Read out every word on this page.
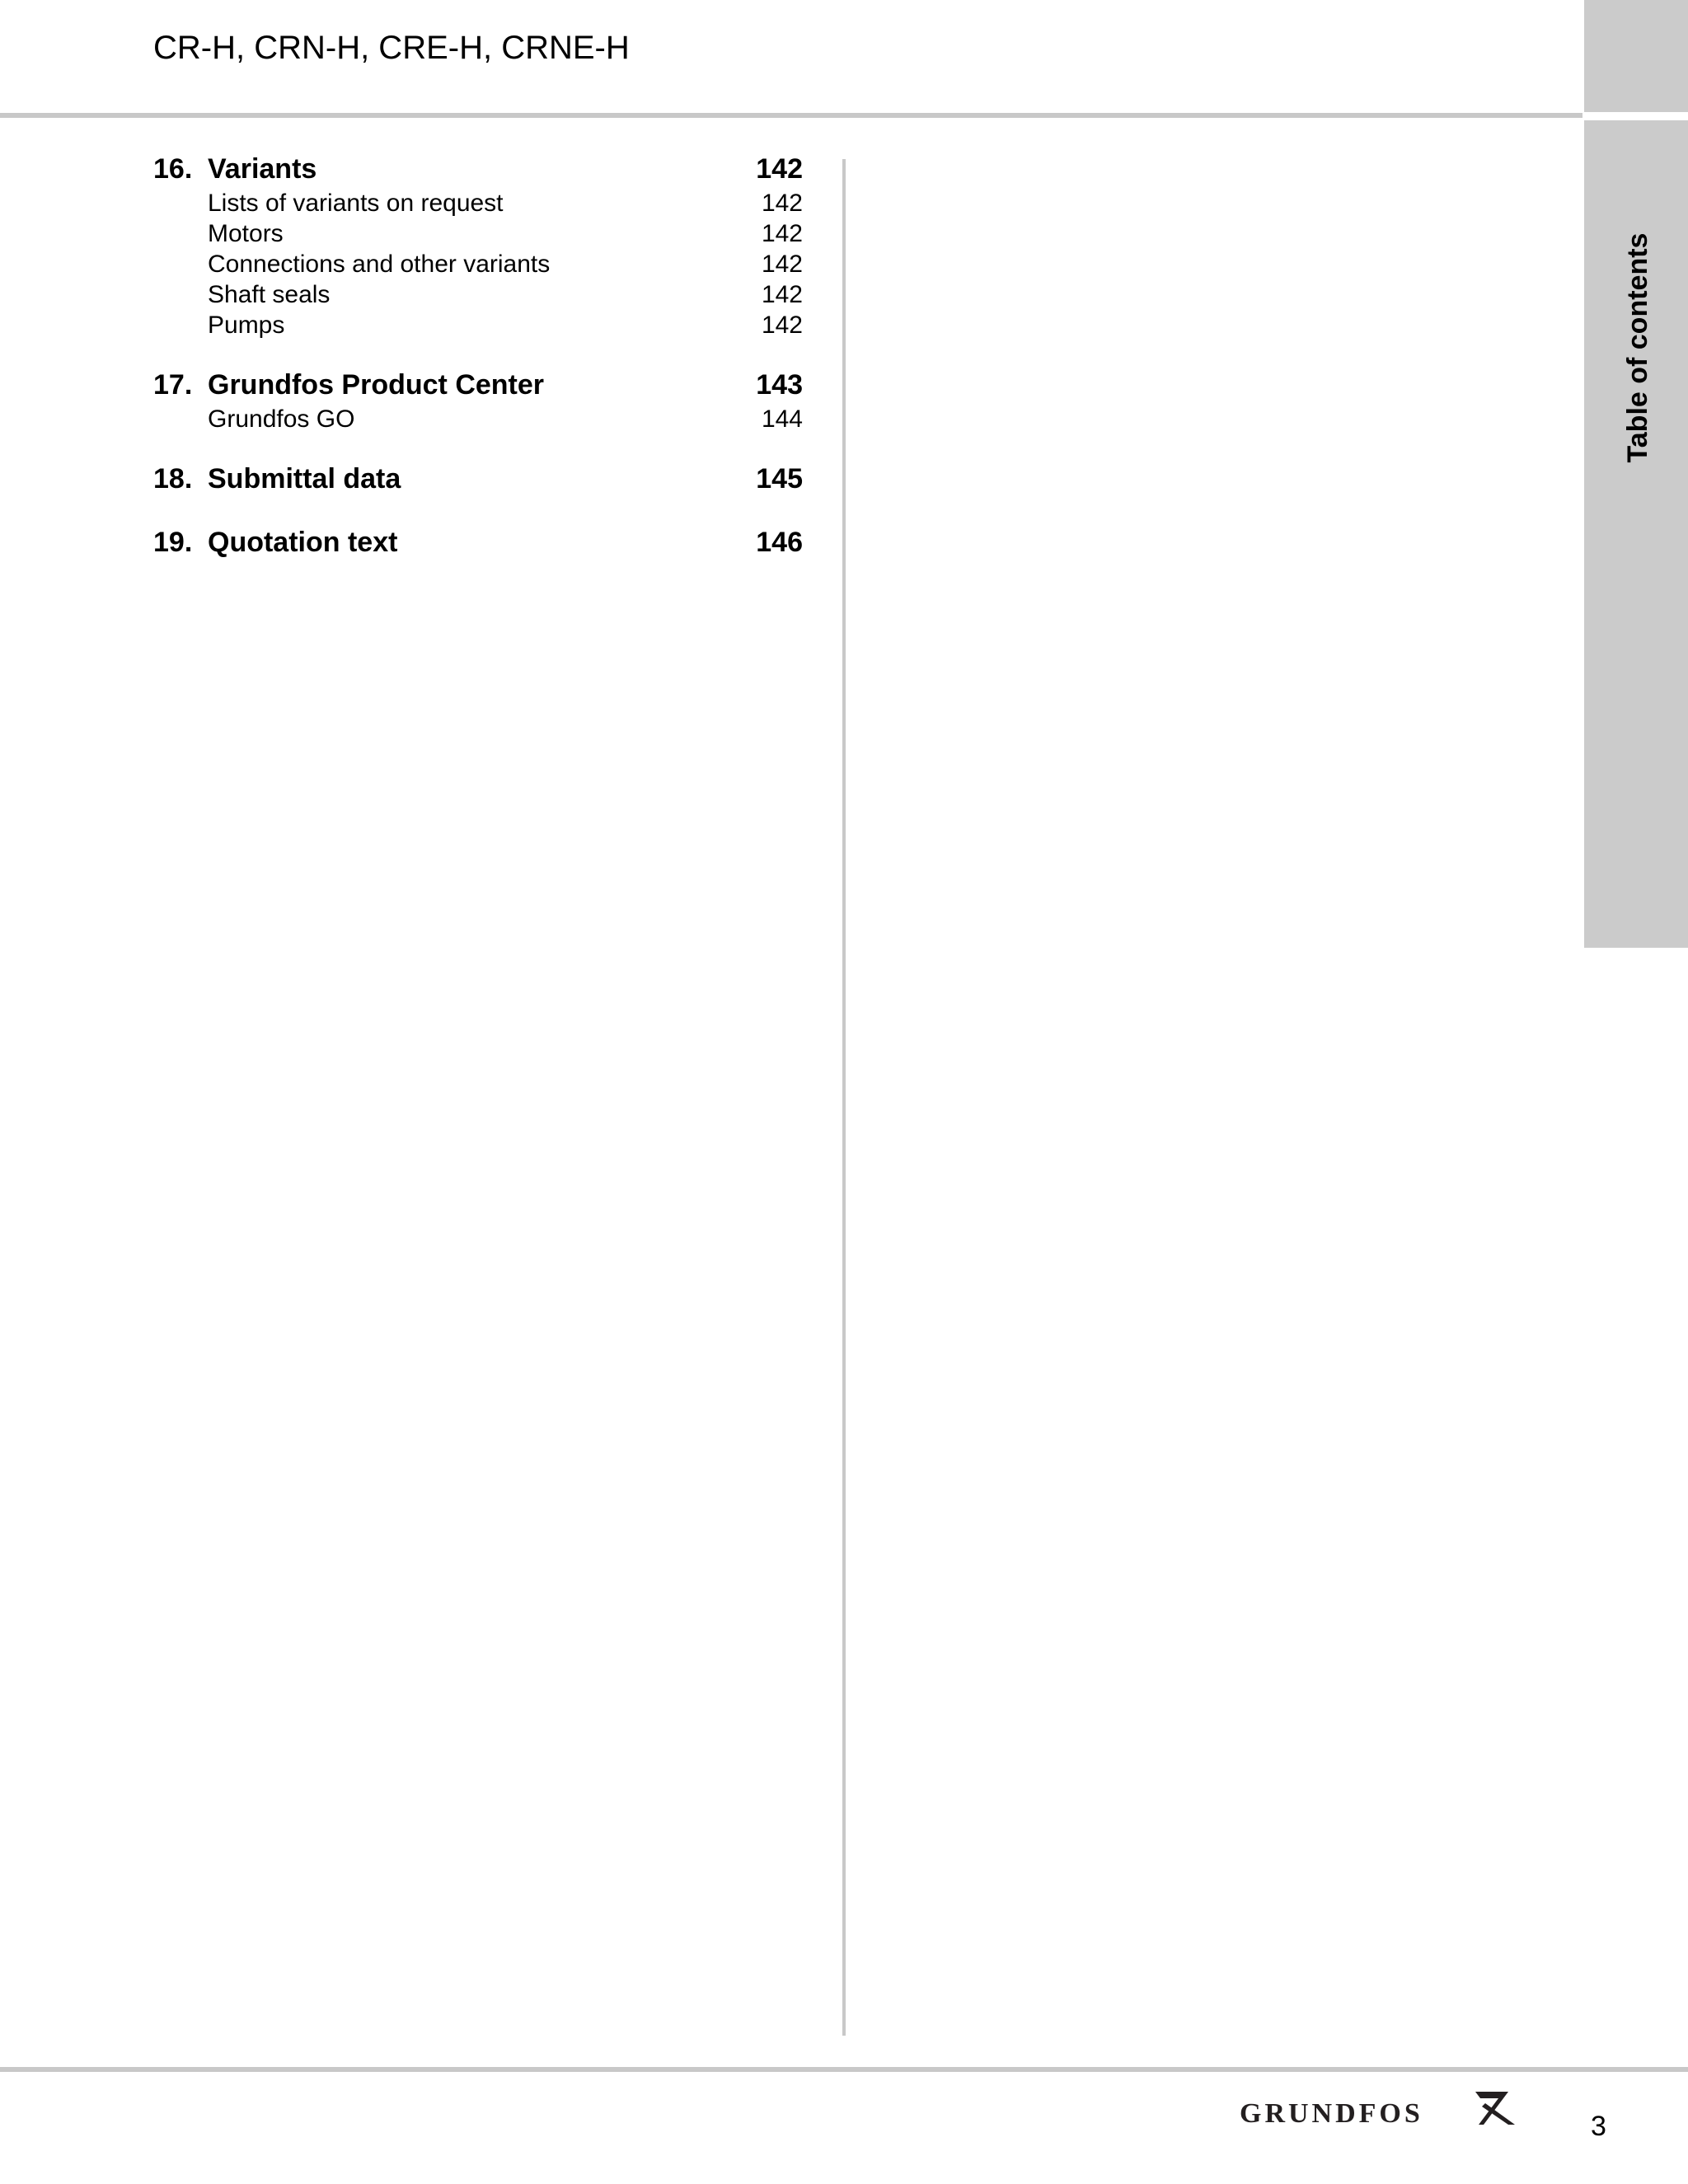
CR-H, CRN-H, CRE-H, CRNE-H
Table of contents
16. Variants	142
Lists of variants on request	142
Motors	142
Connections and other variants	142
Shaft seals	142
Pumps	142
17. Grundfos Product Center	143
Grundfos GO	144
18. Submittal data	145
19. Quotation text	146
GRUNDFOS	3
